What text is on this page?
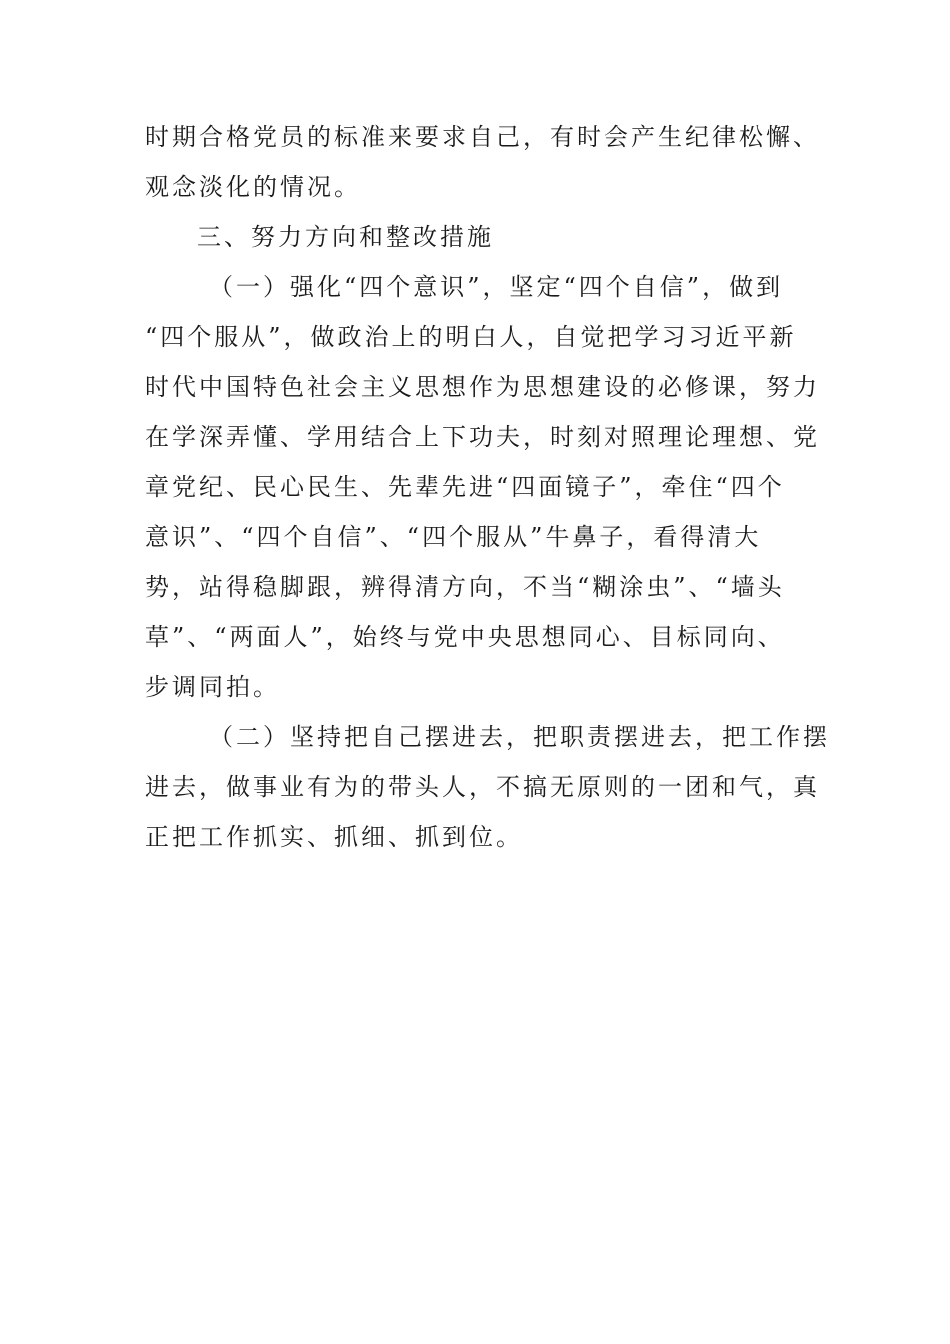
时期合格党员的标准来要求自己，有时会产生纪律松懈、
观念淡化的情况。
三、努力方向和整改措施
（一）强化“四个意识”，坚定“四个自信”，做到
“四个服从”，做政治上的明白人，自觉把学习习近平新
时代中国特色社会主义思想作为思想建设的必修课，努力
在学深弄懂、学用结合上下功夫，时刻对照理论理想、党
章党纪、民心民生、先辈先进“四面镜子”，牵住“四个
意识”、“四个自信”、“四个服从”牛鼻子，看得清大
势，站得稳脚跟，辨得清方向，不当“糊涂虫”、“墙头
草”、“两面人”，始终与党中央思想同心、目标同向、
步调同拍。
（二）坚持把自己摆进去，把职责摆进去，把工作摆
进去，做事业有为的带头人，不搞无原则的一团和气，真
正把工作抓实、抓细、抓到位。
